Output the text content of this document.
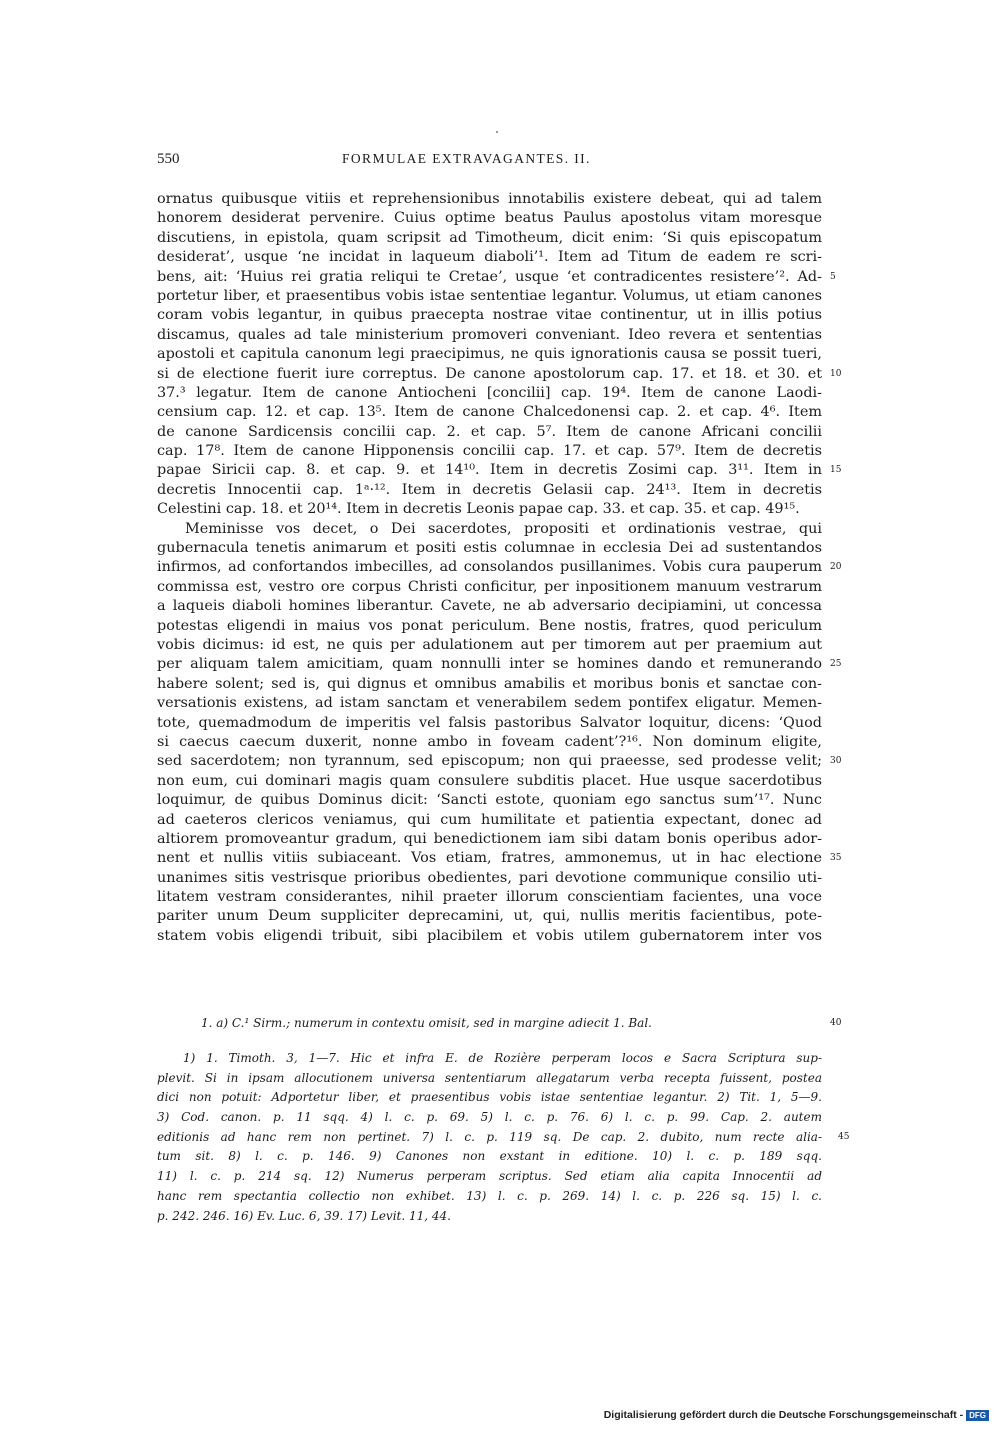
550	FORMULAE EXTRAVAGANTES. II.
ornatus quibusque vitiis et reprehensionibus innotabilis existere debeat, qui ad talem
honorem desiderat pervenire. Cuius optime beatus Paulus apostolus vitam moresque
discutiens, in epistola, quam scripsit ad Timotheum, dicit enim: ‘Si quis episcopatum
desiderat’, usque ‘ne incidat in laqueum diaboli’¹. Item ad Titum de eadem re scri-
bens, ait: ‘Huius rei gratia reliqui te Cretae’, usque ‘et contradicentes resistere’². Ad- 5
portetur liber, et praesentibus vobis istae sententiae legantur. Volumus, ut etiam canones
coram vobis legantur, in quibus praecepta nostrae vitae continentur, ut in illis potius
discamus, quales ad tale ministerium promoveri conveniant. Ideo revera et sententias
apostoli et capitula canonum legi praecipimus, ne quis ignorationis causa se possit tueri,
si de electione fuerit iure correptus. De canone apostolorum cap. 17. et 18. et 30. et 10
37.³ legatur. Item de canone Antiocheni [concilii] cap. 19⁴. Item de canone Laodi-
censium cap. 12. et cap. 13⁵. Item de canone Chalcedonensi cap. 2. et cap. 4⁶. Item
de canone Sardicensis concilii cap. 2. et cap. 5⁷. Item de canone Africani concilii
cap. 17⁸. Item de canone Hipponensis concilii cap. 17. et cap. 57⁹. Item de decretis
papae Siricii cap. 8. et cap. 9. et 14¹⁰. Item in decretis Zosimi cap. 3¹¹. Item in 15
decretis Innocentii cap. 1ᵃ·¹². Item in decretis Gelasii cap. 24¹³. Item in decretis
Celestini cap. 18. et 20¹⁴. Item in decretis Leonis papae cap. 33. et cap. 35. et cap. 49¹⁵.
Meminisse vos decet, o Dei sacerdotes, propositi et ordinationis vestrae, qui
gubernacula tenetis animarum et positi estis columnae in ecclesia Dei ad sustentandos
infirmos, ad confortandos imbecilles, ad consolandos pusillanimes. Vobis cura pauperum 20
commissa est, vestro ore corpus Christi conficitur, per inpositionem manuum vestrarum
a laqueis diaboli homines liberantur. Cavete, ne ab adversario decipiamini, ut concessa
potestas eligendi in maius vos ponat periculum. Bene nostis, fratres, quod periculum
vobis dicimus: id est, ne quis per adulationem aut per timorem aut per praemium aut
per aliquam talem amicitiam, quam nonnulli inter se homines dando et remunerando 25
habere solent; sed is, qui dignus et omnibus amabilis et moribus bonis et sanctae con-
versationis existens, ad istam sanctam et venerabilem sedem pontifex eligatur. Memen-
tote, quemadmodum de imperitis vel falsis pastoribus Salvator loquitur, dicens: ‘Quod
si caecus caecum duxerit, nonne ambo in foveam cadent’?¹⁶. Non dominum eligite,
sed sacerdotem; non tyrannum, sed episcopum; non qui praeesse, sed prodesse velit; 30
non eum, cui dominari magis quam consulere subditis placet. Hue usque sacerdotibus
loquimur, de quibus Dominus dicit: ‘Sancti estote, quoniam ego sanctus sum’¹⁷. Nunc
ad caeteros clericos veniamus, qui cum humilitate et patientia expectant, donec ad
altiorem promoveantur gradum, qui benedictionem iam sibi datam bonis operibus ador-
nent et nullis vitiis subiaceant. Vos etiam, fratres, ammonemus, ut in hac electione 35
unanimes sitis vestrisque prioribus obedientes, pari devotione communique consilio uti-
litatem vestram considerantes, nihil praeter illorum conscientiam facientes, una voce
pariter unum Deum suppliciter deprecamini, ut, qui, nullis meritis facientibus, pote-
statem vobis eligendi tribuit, sibi placibilem et vobis utilem gubernatorem inter vos
1. a) C.¹ Sirm.; numerum in contextu omisit, sed in margine adiecit 1. Bal.	40
1) 1. Timoth. 3, 1—7. Hic et infra E. de Rozière perperam locos e Sacra Scriptura sup-
plevit. Si in ipsam allocutionem universa sententiarum allegatarum verba recepta fuissent, postea
dici non potuit: Adportetur liber, et praesentibus vobis istae sententiae legantur. 2) Tit. 1, 5—9.
3) Cod. canon. p. 11 sqq. 4) l. c. p. 69. 5) l. c. p. 76. 6) l. c. p. 99. Cap. 2. autem
editionis ad hanc rem non pertinet. 7) l. c. p. 119 sq. De cap. 2. dubito, num recte alia- 45
tum sit. 8) l. c. p. 146. 9) Canones non exstant in editione. 10) l. c. p. 189 sqq.
11) l. c. p. 214 sq. 12) Numerus perperam scriptus. Sed etiam alia capita Innocentii ad
hanc rem spectantia collectio non exhibet. 13) l. c. p. 269. 14) l. c. p. 226 sq. 15) l. c.
p. 242. 246. 16) Ev. Luc. 6, 39. 17) Levit. 11, 44.
Digitalisierung gefördert durch die Deutsche Forschungsgemeinschaft - DFG
